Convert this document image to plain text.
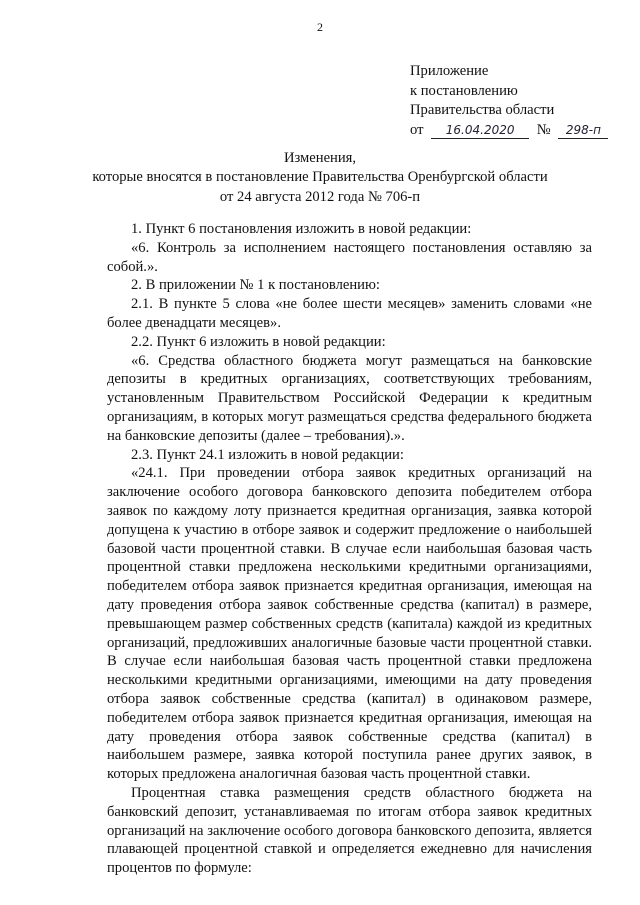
2
Приложение
к постановлению
Правительства области
от 16.04.2020 № 298-п
Изменения,
которые вносятся в постановление Правительства Оренбургской области
от 24 августа 2012 года № 706-п

1. Пункт 6 постановления изложить в новой редакции:

«6. Контроль за исполнением настоящего постановления оставляю за собой.».

2. В приложении № 1 к постановлению:

2.1. В пункте 5 слова «не более шести месяцев» заменить словами «не более двенадцати месяцев».

2.2. Пункт 6 изложить в новой редакции:

«6. Средства областного бюджета могут размещаться на банковские депозиты в кредитных организациях, соответствующих требованиям, установленным Правительством Российской Федерации к кредитным организациям, в которых могут размещаться средства федерального бюджета на банковские депозиты (далее – требования).».

2.3. Пункт 24.1 изложить в новой редакции:

«24.1. При проведении отбора заявок кредитных организаций на заключение особого договора банковского депозита победителем отбора заявок по каждому лоту признается кредитная организация, заявка которой допущена к участию в отборе заявок и содержит предложение о наибольшей базовой части процентной ставки. В случае если наибольшая базовая часть процентной ставки предложена несколькими кредитными организациями, победителем отбора заявок признается кредитная организация, имеющая на дату проведения отбора заявок собственные средства (капитал) в размере, превышающем размер собственных средств (капитала) каждой из кредитных организаций, предложивших аналогичные базовые части процентной ставки. В случае если наибольшая базовая часть процентной ставки предложена несколькими кредитными организациями, имеющими на дату проведения отбора заявок собственные средства (капитал) в одинаковом размере, победителем отбора заявок признается кредитная организация, имеющая на дату проведения отбора заявок собственные средства (капитал) в наибольшем размере, заявка которой поступила ранее других заявок, в которых предложена аналогичная базовая часть процентной ставки.

Процентная ставка размещения средств областного бюджета на банковский депозит, устанавливаемая по итогам отбора заявок кредитных организаций на заключение особого договора банковского депозита, является плавающей процентной ставкой и определяется ежедневно для начисления процентов по формуле:
